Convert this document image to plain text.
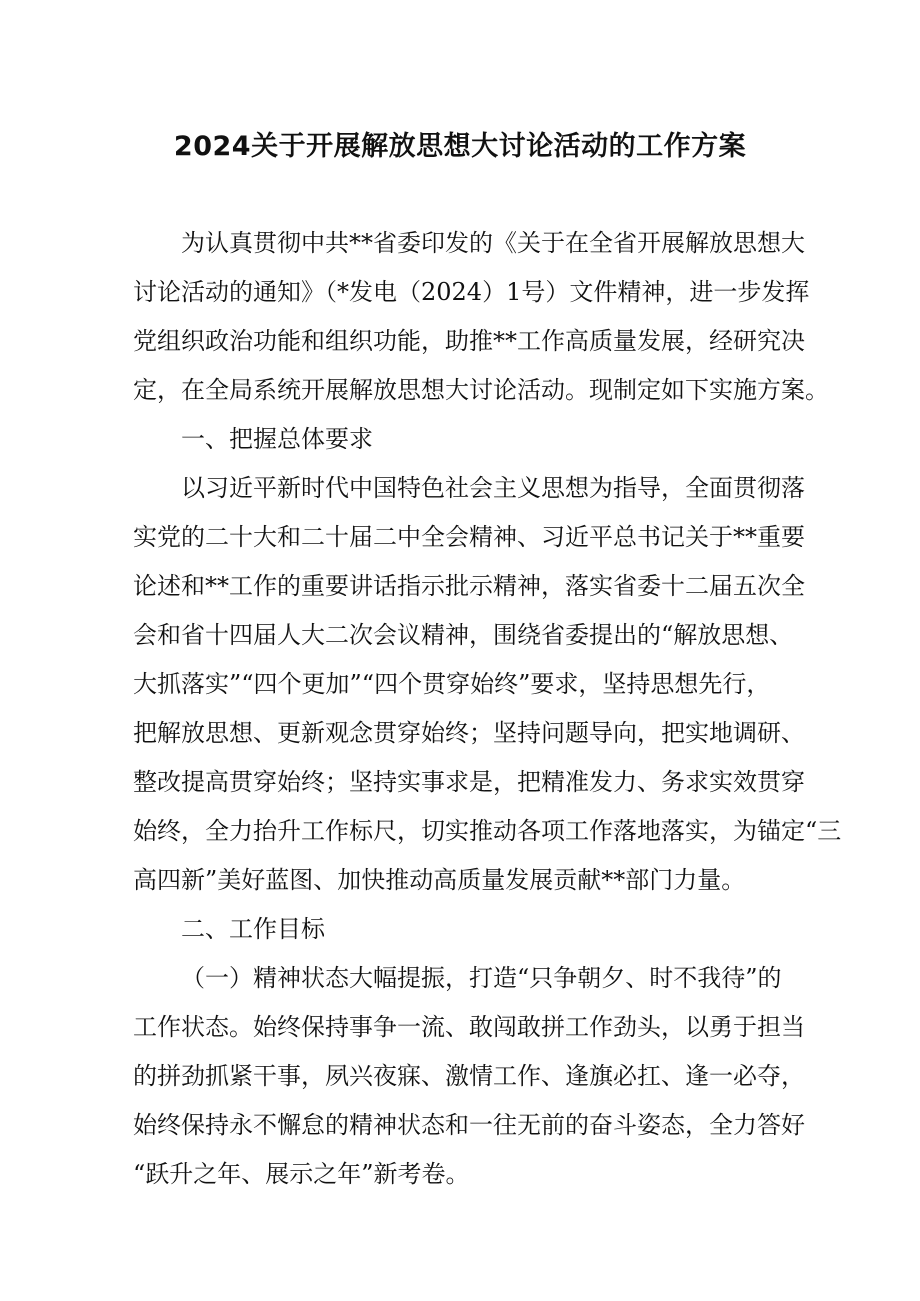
2024关于开展解放思想大讨论活动的工作方案
为认真贯彻中共**省委印发的《关于在全省开展解放思想大
讨论活动的通知》（*发电（2024）1号）文件精神，进一步发挥
党组织政治功能和组织功能，助推**工作高质量发展，经研究决
定，在全局系统开展解放思想大讨论活动。现制定如下实施方案。
一、把握总体要求
以习近平新时代中国特色社会主义思想为指导，全面贯彻落
实党的二十大和二十届二中全会精神、习近平总书记关于**重要
论述和**工作的重要讲话指示批示精神，落实省委十二届五次全
会和省十四届人大二次会议精神，围绕省委提出的“解放思想、
大抓落实”“四个更加”“四个贯穿始终”要求，坚持思想先行，
把解放思想、更新观念贯穿始终；坚持问题导向，把实地调研、
整改提高贯穿始终；坚持实事求是，把精准发力、务求实效贯穿
始终，全力抬升工作标尺，切实推动各项工作落地落实，为锚定“三
高四新”美好蓝图、加快推动高质量发展贡献**部门力量。
二、工作目标
（一）精神状态大幅提振，打造“只争朝夕、时不我待”的
工作状态。始终保持事争一流、敢闯敢拼工作劲头，以勇于担当
的拼劲抓紧干事，夙兴夜寐、激情工作、逢旗必扛、逢一必夺，
始终保持永不懈怠的精神状态和一往无前的奋斗姿态，全力答好
“跃升之年、展示之年”新考卷。
